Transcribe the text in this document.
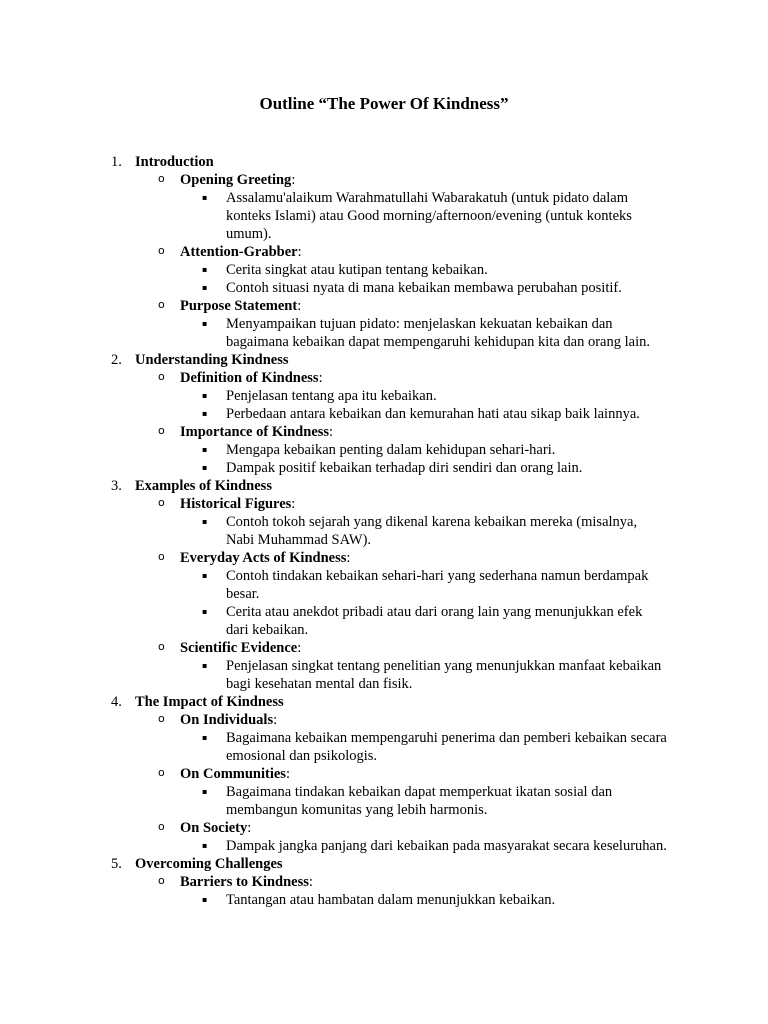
Outline “The Power Of Kindness”
1. Introduction
o Opening Greeting:
▪ Assalamu'alaikum Warahmatullahi Wabarakatuh (untuk pidato dalam konteks Islami) atau Good morning/afternoon/evening (untuk konteks umum).
o Attention-Grabber:
▪ Cerita singkat atau kutipan tentang kebaikan.
▪ Contoh situasi nyata di mana kebaikan membawa perubahan positif.
o Purpose Statement:
▪ Menyampaikan tujuan pidato: menjelaskan kekuatan kebaikan dan bagaimana kebaikan dapat mempengaruhi kehidupan kita dan orang lain.
2. Understanding Kindness
o Definition of Kindness:
▪ Penjelasan tentang apa itu kebaikan.
▪ Perbedaan antara kebaikan dan kemurahan hati atau sikap baik lainnya.
o Importance of Kindness:
▪ Mengapa kebaikan penting dalam kehidupan sehari-hari.
▪ Dampak positif kebaikan terhadap diri sendiri dan orang lain.
3. Examples of Kindness
o Historical Figures:
▪ Contoh tokoh sejarah yang dikenal karena kebaikan mereka (misalnya, Nabi Muhammad SAW).
o Everyday Acts of Kindness:
▪ Contoh tindakan kebaikan sehari-hari yang sederhana namun berdampak besar.
▪ Cerita atau anekdot pribadi atau dari orang lain yang menunjukkan efek dari kebaikan.
o Scientific Evidence:
▪ Penjelasan singkat tentang penelitian yang menunjukkan manfaat kebaikan bagi kesehatan mental dan fisik.
4. The Impact of Kindness
o On Individuals:
▪ Bagaimana kebaikan mempengaruhi penerima dan pemberi kebaikan secara emosional dan psikologis.
o On Communities:
▪ Bagaimana tindakan kebaikan dapat memperkuat ikatan sosial dan membangun komunitas yang lebih harmonis.
o On Society:
▪ Dampak jangka panjang dari kebaikan pada masyarakat secara keseluruhan.
5. Overcoming Challenges
o Barriers to Kindness:
▪ Tantangan atau hambatan dalam menunjukkan kebaikan.
